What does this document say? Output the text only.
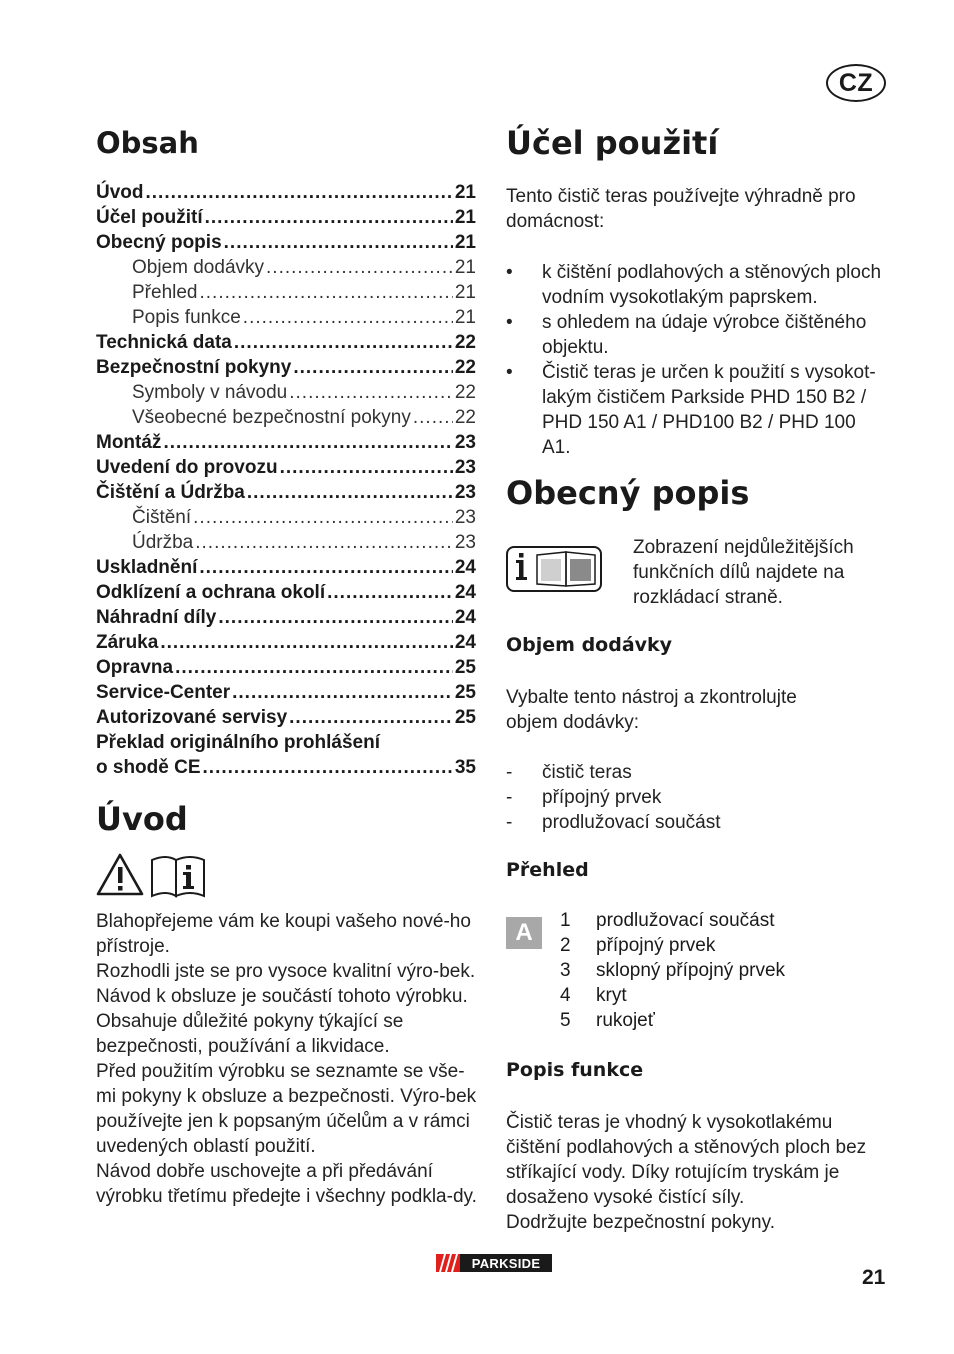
CZ
Obsah
Úvod .....	21
Účel použití .....	21
Obecný popis .....	21
Objem dodávky .....	21
Přehled .....	21
Popis funkce .....	21
Technická data .....	22
Bezpečnostní pokyny .....	22
Symboly v návodu .....	22
Všeobecné bezpečnostní pokyny ..... 22
Montáž .....	23
Uvedení do provozu .....	23
Čištění a Údržba .....	23
Čištění .....	23
Údržba .....	23
Uskladnění .....	24
Odklízení a ochrana okolí .....	24
Náhradní díly .....	24
Záruka .....	24
Opravna .....	25
Service-Center .....	25
Autorizované servisy .....	25
Překlad originálního prohlášení
o shodě CE .....	35
Úvod

Blahopřejeme vám ke koupi vašeho nové-ho přístroje.

Rozhodli jste se pro vysoce kvalitní výro-bek. Návod k obsluze je součástí tohoto výrobku. Obsahuje důležité pokyny týkající se bezpečnosti, používání a likvidace.

Před použitím výrobku se seznamte se vše-mi pokyny k obsluze a bezpečnosti. Výro-bek používejte jen k popsaným účelům a v rámci uvedených oblastí použití.

Návod dobře uschovejte a při předávání výrobku třetímu předejte i všechny podkla-dy.

Účel použití

Tento čistič teras používejte výhradně pro domácnost:

• k čištění podlahových a stěnových ploch vodním vysokotlakým paprskem.
• s ohledem na údaje výrobce čištěného objektu.
• Čistič teras je určen k použití s vysokot-lakým čističem Parkside PHD 150 B2 / PHD 150 A1 / PHD100 B2 / PHD 100 A1.
Obecný popis

Zobrazení nejdůležitějších funkčních dílů najdete na rozkládací straně.

Objem dodávky

Vybalte tento nástroj a zkontrolujte objem dodávky:

- čistič teras
- přípojný prvek
- prodlužovací součást
Přehled
A	1	prodlužovací součást
2	přípojný prvek
3	sklopný přípojný prvek
4	kryt
5	rukojeť
Popis funkce

Čistič teras je vhodný k vysokotlakému čištění podlahových a stěnových ploch bez stříkající vody. Díky rotujícím tryskám je dosaženo vysoké čistící síly.

Dodržujte bezpečnostní pokyny.

PARKSIDE
21
